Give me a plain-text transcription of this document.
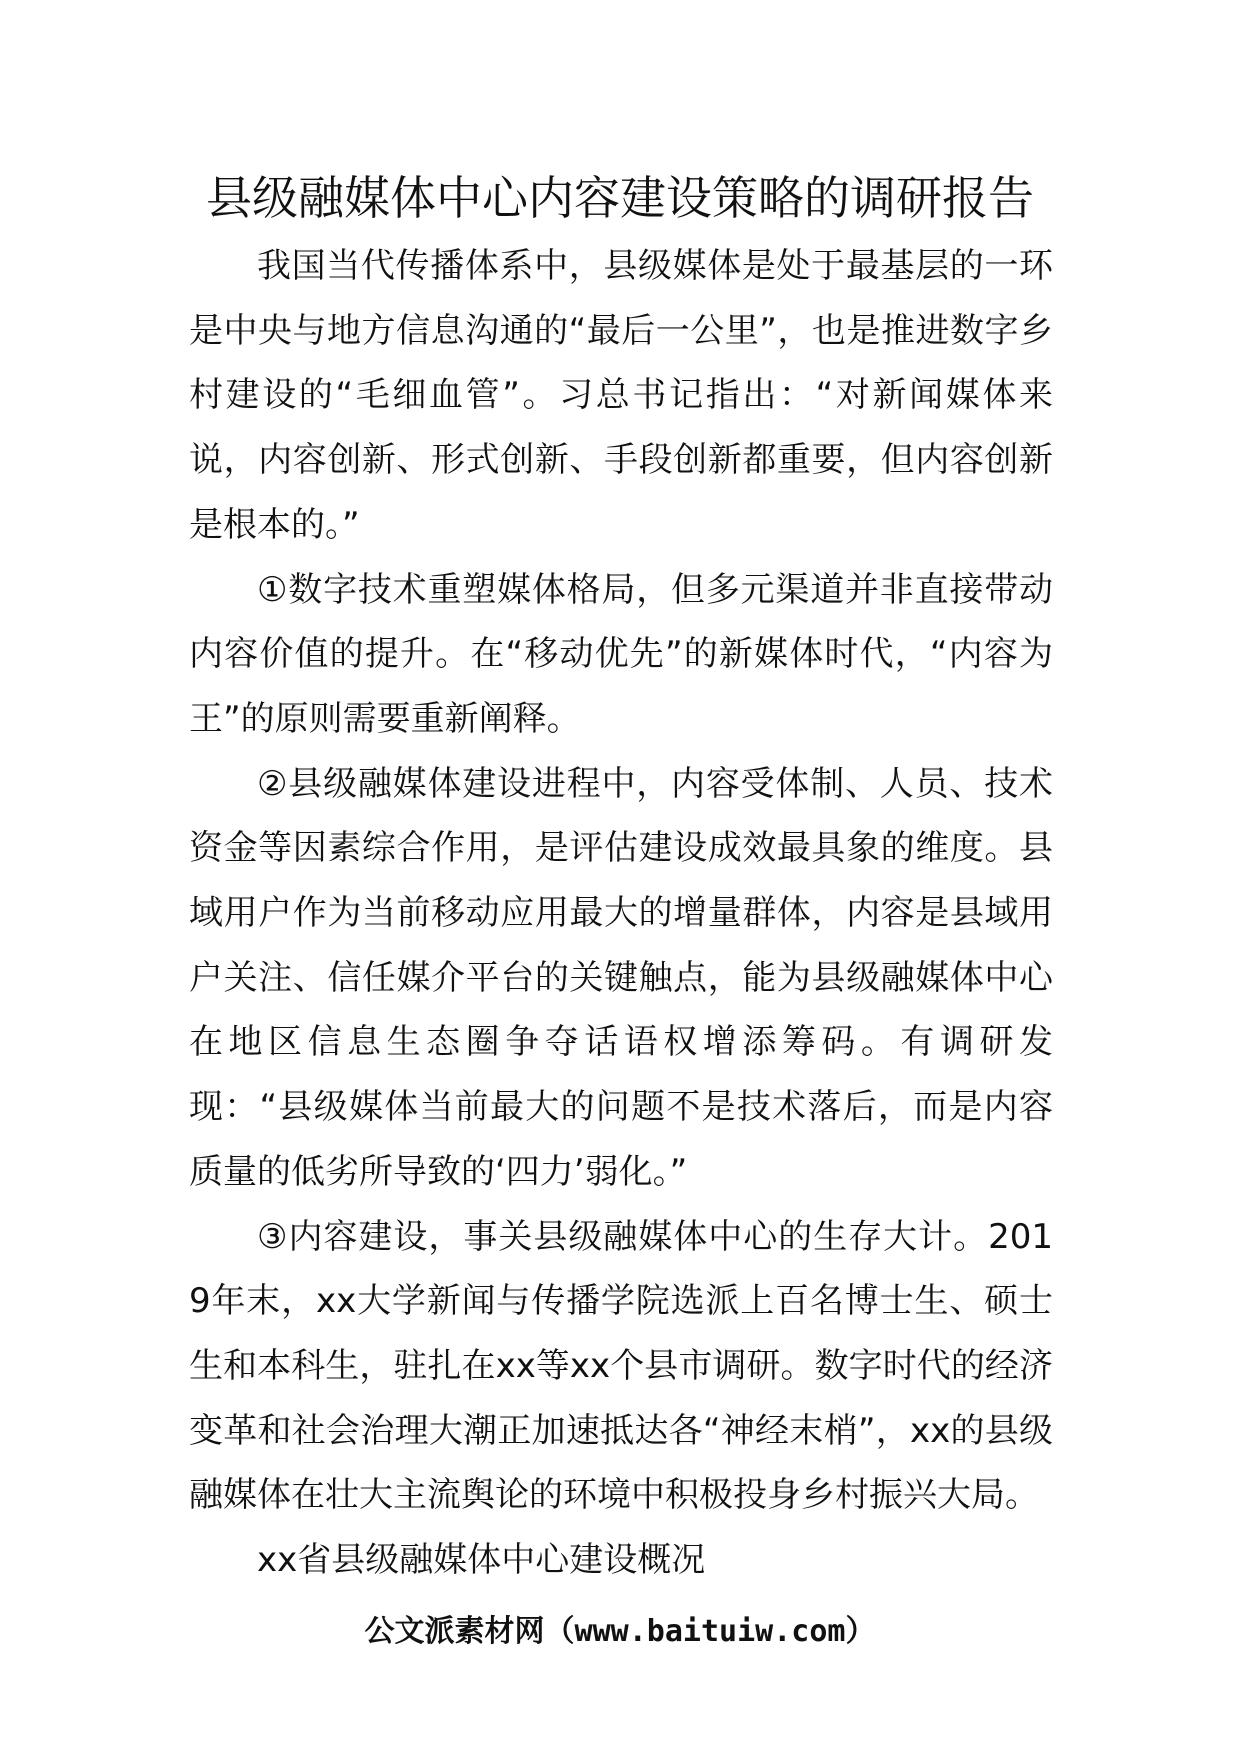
县级融媒体中心内容建设策略的调研报告

我国当代传播体系中，县级媒体是处于最基层的一环是中央与地方信息沟通的“最后一公里”，也是推进数字乡村建设的“毛细血管”。习总书记指出：“对新闻媒体来说，内容创新、形式创新、手段创新都重要，但内容创新是根本的。”

①数字技术重塑媒体格局，但多元渠道并非直接带动内容价值的提升。在“移动优先”的新媒体时代，“内容为王”的原则需要重新阐释。

②县级融媒体建设进程中，内容受体制、人员、技术资金等因素综合作用，是评估建设成效最具象的维度。县域用户作为当前移动应用最大的增量群体，内容是县域用户关注、信任媒介平台的关键触点，能为县级融媒体中心在地区信息生态圈争夺话语权增添筹码。有调研发现：“县级媒体当前最大的问题不是技术落后，而是内容质量的低劣所导致的‘四力’弱化。”

③内容建设，事关县级融媒体中心的生存大计。2019年末，xx大学新闻与传播学院选派上百名博士生、硕士生和本科生，驻扎在xx等xx个县市调研。数字时代的经济变革和社会治理大潮正加速抵达各“神经末梢”，xx的县级融媒体在壮大主流舆论的环境中积极投身乡村振兴大局。

xx省县级融媒体中心建设概况

公文派素材网（www.baituiw.com）
